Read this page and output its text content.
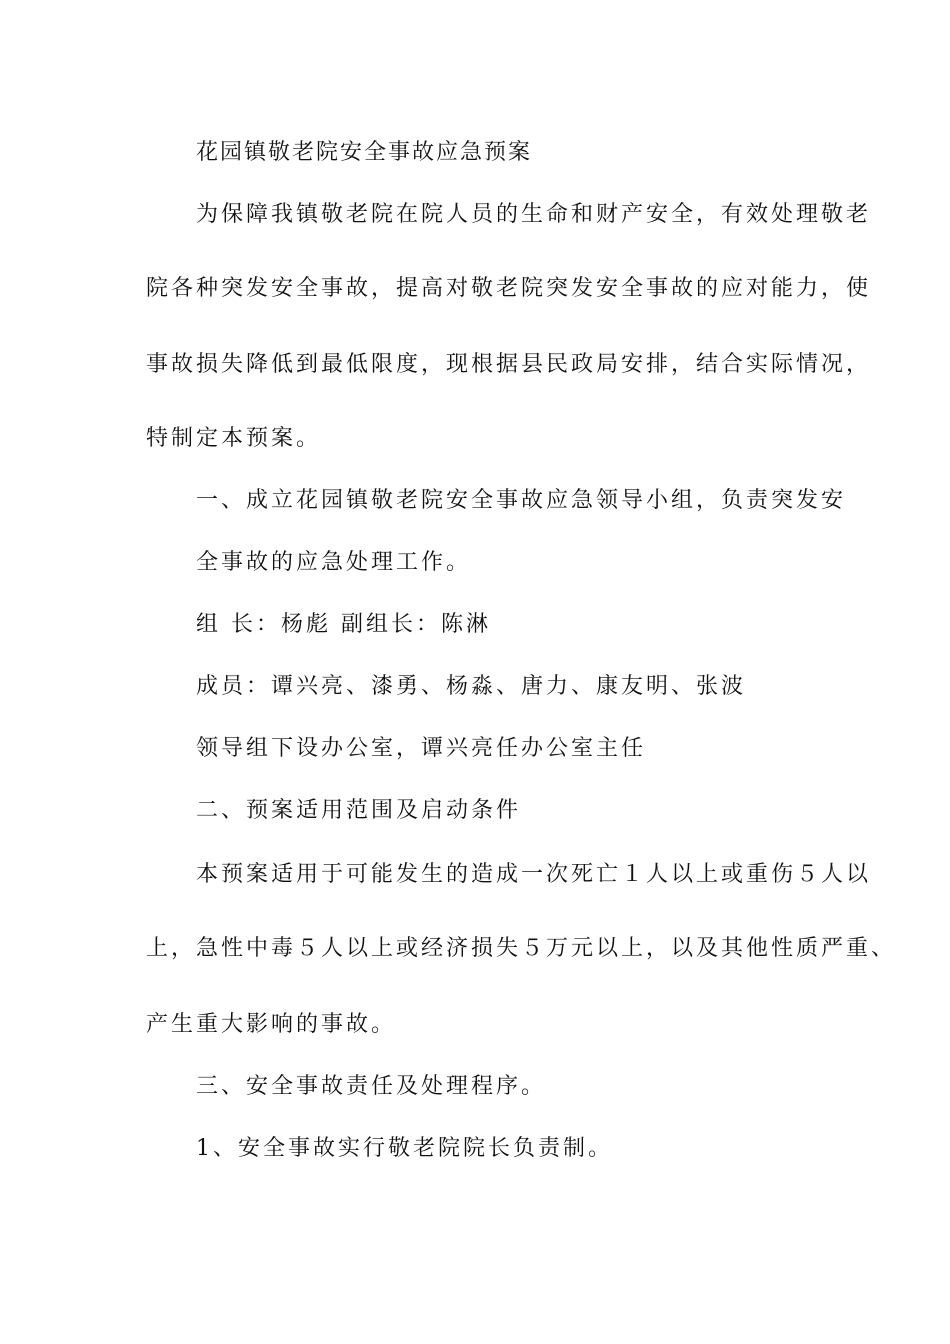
花园镇敬老院安全事故应急预案
为保障我镇敬老院在院人员的生命和财产安全，有效处理敬老
院各种突发安全事故，提高对敬老院突发安全事故的应对能力，使
事故损失降低到最低限度，现根据县民政局安排，结合实际情况，
特制定本预案。
一、成立花园镇敬老院安全事故应急领导小组，负责突发安
全事故的应急处理工作。
组 长：杨彪 副组长：陈淋
成员：谭兴亮、漆勇、杨淼、唐力、康友明、张波
领导组下设办公室，谭兴亮任办公室主任
二、预案适用范围及启动条件
本预案适用于可能发生的造成一次死亡１人以上或重伤５人以
上，急性中毒５人以上或经济损失５万元以上，以及其他性质严重、
产生重大影响的事故。
三、安全事故责任及处理程序。
1、安全事故实行敬老院院长负责制。
